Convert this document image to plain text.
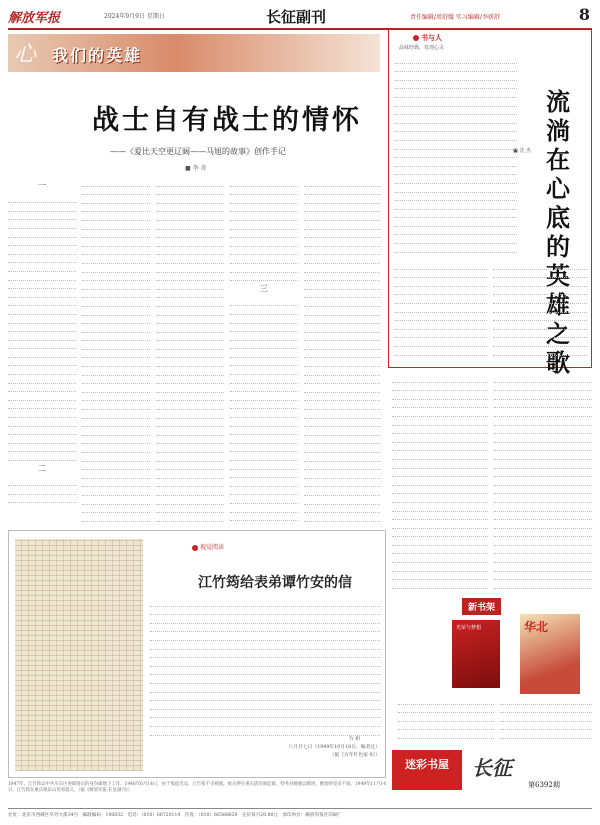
解放军报	2024年9月9日 星期日	长征副刊	责任编辑/周舒媛 实习编辑/李妍舒	8
心 我们的英雄
战士自有战士的情怀
——《爱比天空更辽阔——马旭的故事》创作手记
■ 李 奇
一
二
三
书与人
品味经典，发现心灵
流淌在心底的英雄之歌
■ 沈 杰
视觉阅读
江竹筠给表弟谭竹安的信
竹 姐
八月廿七日（1949年10月18日，编者注）
（据《百年红色家书》）
1947年，江竹筠以中共川东区委联络员的身份做地下工作。1948年6月14日，由于叛徒出卖，江竹筠不幸被捕，被关押在重庆渣滓洞监狱。特务对她施以酷刑，她始终坚贞不屈。1949年11月14日，江竹筠在重庆歌乐山英勇就义。（据《解放军报·长征副刊》）
新书架
光荣与梦想	华北
迷彩书屋	长征
第6392期
社址：北京市西城区阜外大街34号 邮政编码：100832 电话：（010）66720114 传真：（010）66588630 定价每月20.80元 承印单位：解放军报社印刷厂
